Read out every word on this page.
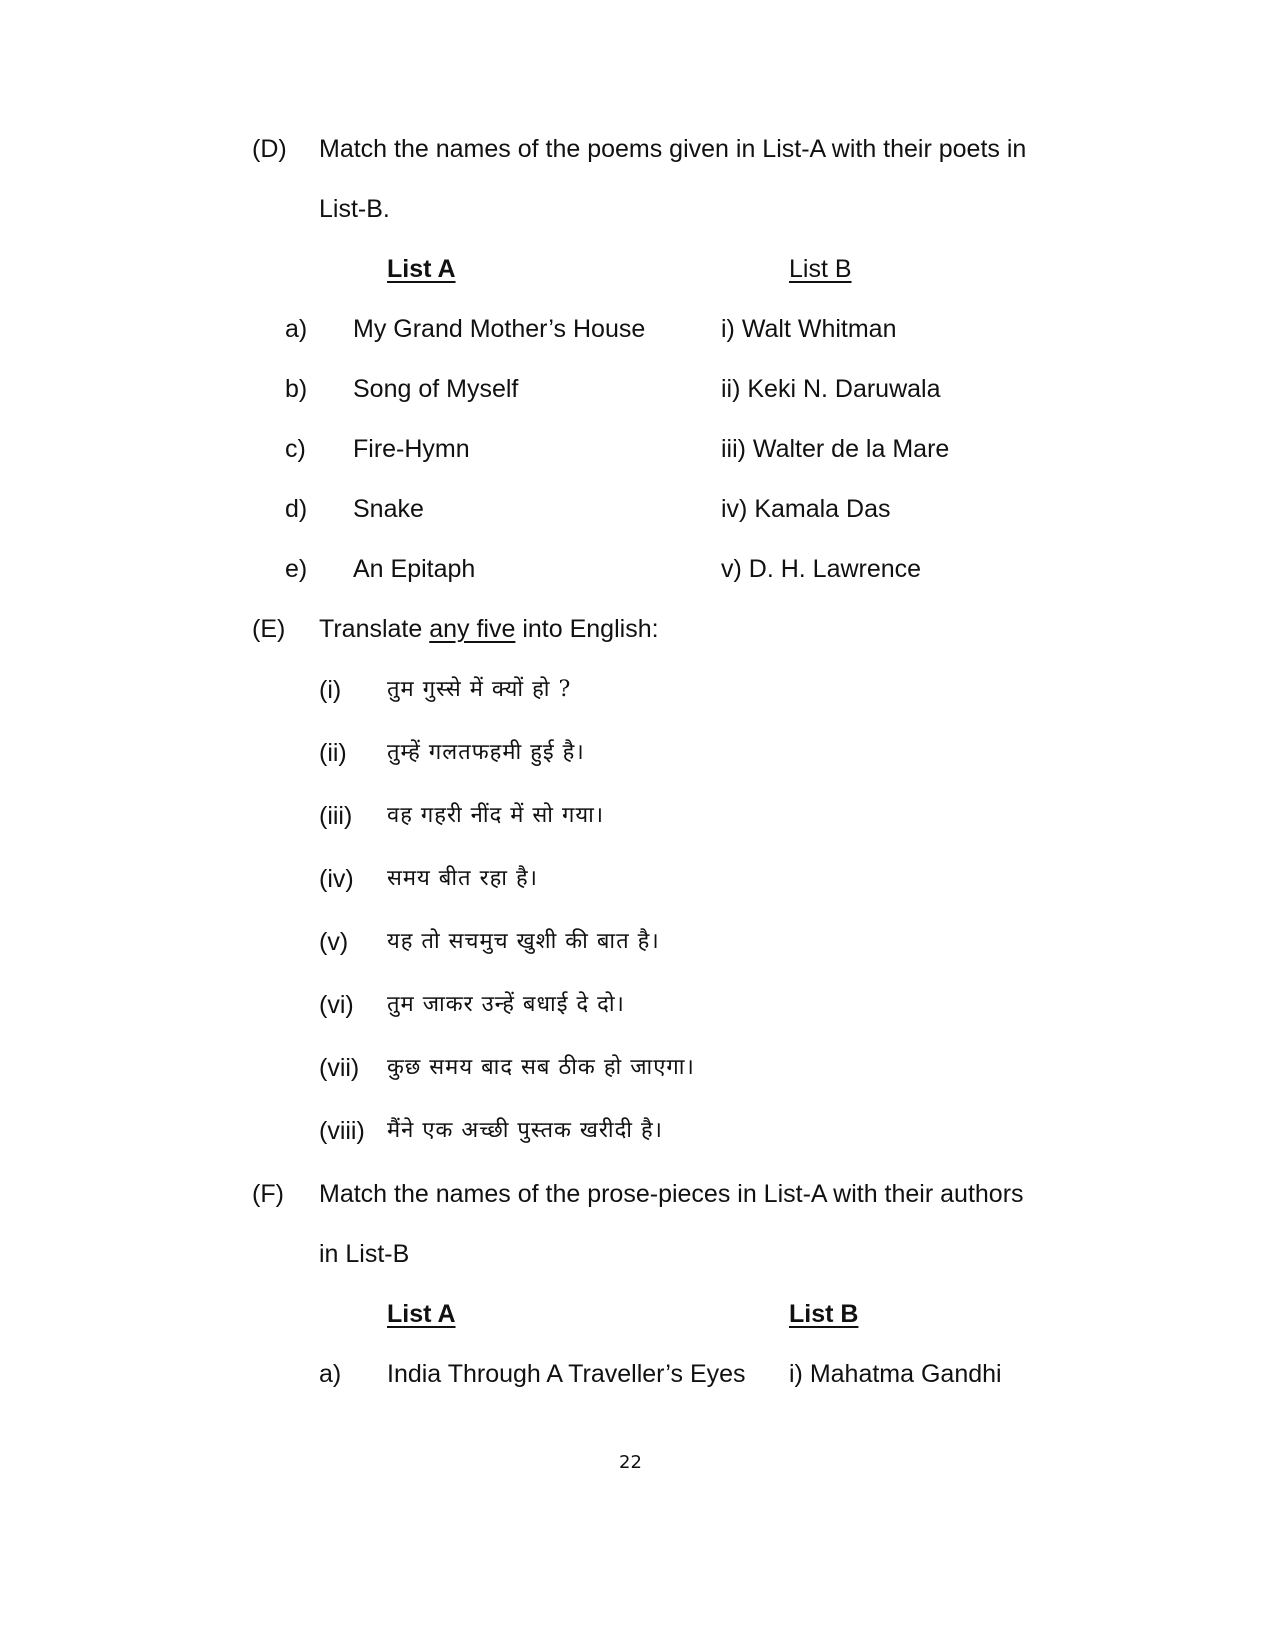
(D) Match the names of the poems given in List-A with their poets in
List-B.
List A	List B
a) My Grand Mother’s House	i) Walt Whitman
b) Song of Myself	ii) Keki N. Daruwala
c) Fire-Hymn	iii) Walter de la Mare
d) Snake	iv) Kamala Das
e) An Epitaph	v) D. H. Lawrence
(E) Translate any five into English:
(i) तुम गुस्से में क्यों हो ?
(ii) तुम्हें गलतफहमी हुई है।
(iii) वह गहरी नींद में सो गया।
(iv) समय बीत रहा है।
(v) यह तो सचमुच खुशी की बात है।
(vi) तुम जाकर उन्हें बधाई दे दो।
(vii) कुछ समय बाद सब ठीक हो जाएगा।
(viii) मैंने एक अच्छी पुस्तक खरीदी है।
(F) Match the names of the prose-pieces in List-A with their authors
in List-B
List A	List B
a) India Through A Traveller’s Eyes i) Mahatma Gandhi
22
